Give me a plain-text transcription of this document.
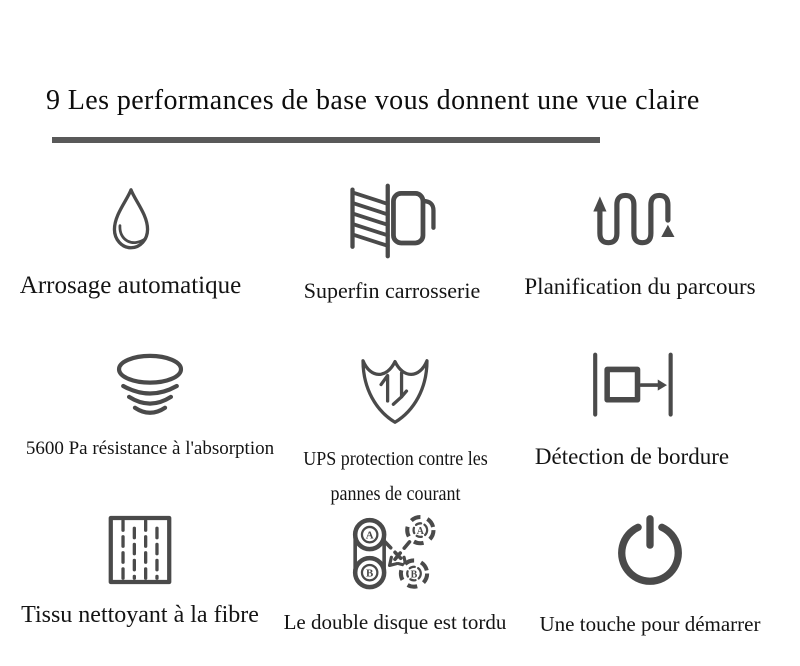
9 Les performances de base vous donnent une vue claire
Arrosage automatique	Superfin carrosserie Planification du parcours
5600 Pa résistance à l'absorption UPS protection contre les
pannes de courant
Détection de bordure
Tissu nettoyant à la fibre
A
B
A
B
Le double disque est tordu Une touche pour démarrer
